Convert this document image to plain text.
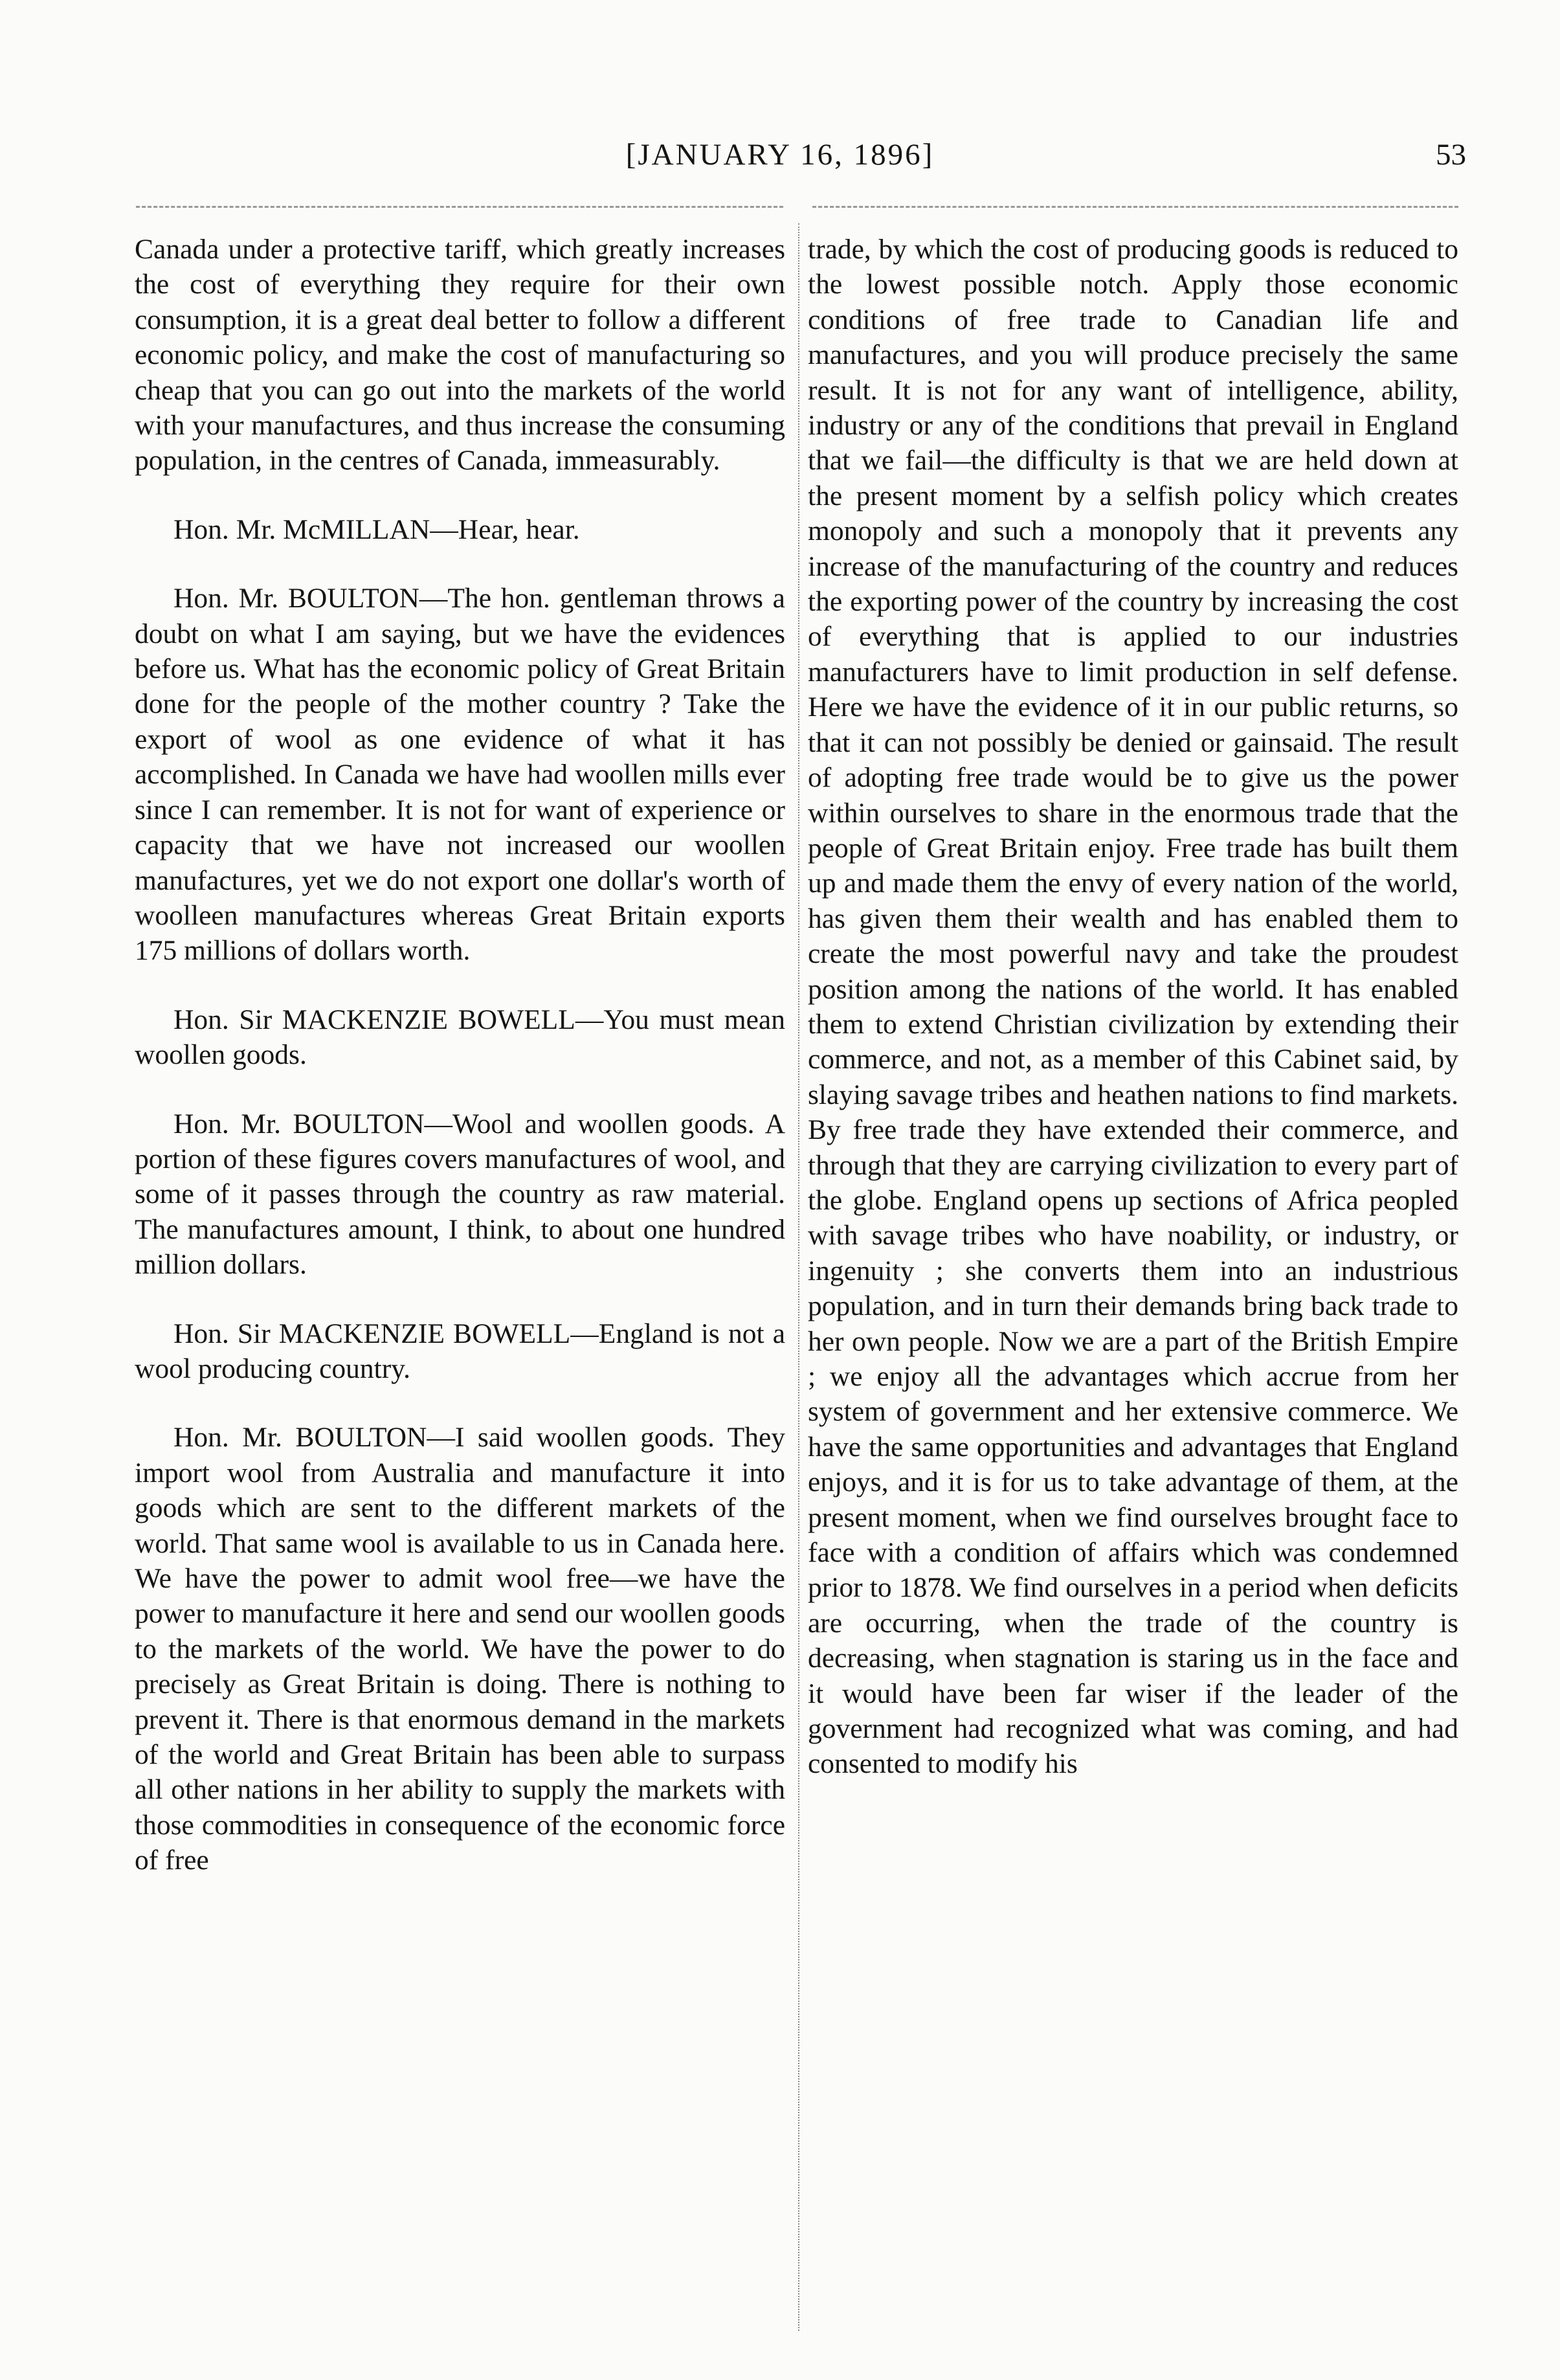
[JANUARY 16, 1896]	53

Canada under a protective tariff, which greatly increases the cost of everything they require for their own consumption, it is a great deal better to follow a different economic policy, and make the cost of manufacturing so cheap that you can go out into the markets of the world with your manufactures, and thus increase the consuming population, in the centres of Canada, immeasurably.

Hon. Mr. McMILLAN—Hear, hear.

Hon. Mr. BOULTON—The hon. gentleman throws a doubt on what I am saying, but we have the evidences before us. What has the economic policy of Great Britain done for the people of the mother country ? Take the export of wool as one evidence of what it has accomplished. In Canada we have had woollen mills ever since I can remember. It is not for want of experience or capacity that we have not increased our woollen manufactures, yet we do not export one dollar's worth of woolleen manufactures whereas Great Britain exports 175 millions of dollars worth.

Hon. Sir MACKENZIE BOWELL—You must mean woollen goods.

Hon. Mr. BOULTON—Wool and woollen goods. A portion of these figures covers manufactures of wool, and some of it passes through the country as raw material. The manufactures amount, I think, to about one hundred million dollars.

Hon. Sir MACKENZIE BOWELL—England is not a wool producing country.

Hon. Mr. BOULTON—I said woollen goods. They import wool from Australia and manufacture it into goods which are sent to the different markets of the world. That same wool is available to us in Canada here. We have the power to admit wool free—we have the power to manufacture it here and send our woollen goods to the markets of the world. We have the power to do precisely as Great Britain is doing. There is nothing to prevent it. There is that enormous demand in the markets of the world and Great Britain has been able to surpass all other nations in her ability to supply the markets with those commodities in consequence of the economic force of free

trade, by which the cost of producing goods is reduced to the lowest possible notch. Apply those economic conditions of free trade to Canadian life and manufactures, and you will produce precisely the same result. It is not for any want of intelligence, ability, industry or any of the conditions that prevail in England that we fail—the difficulty is that we are held down at the present moment by a selfish policy which creates monopoly and such a monopoly that it prevents any increase of the manufacturing of the country and reduces the exporting power of the country by increasing the cost of everything that is applied to our industries manufacturers have to limit production in self defense. Here we have the evidence of it in our public returns, so that it can not possibly be denied or gainsaid. The result of adopting free trade would be to give us the power within ourselves to share in the enormous trade that the people of Great Britain enjoy. Free trade has built them up and made them the envy of every nation of the world, has given them their wealth and has enabled them to create the most powerful navy and take the proudest position among the nations of the world. It has enabled them to extend Christian civilization by extending their commerce, and not, as a member of this Cabinet said, by slaying savage tribes and heathen nations to find markets. By free trade they have extended their commerce, and through that they are carrying civilization to every part of the globe. England opens up sections of Africa peopled with savage tribes who have noability, or industry, or ingenuity ; she converts them into an industrious population, and in turn their demands bring back trade to her own people. Now we are a part of the British Empire ; we enjoy all the advantages which accrue from her system of government and her extensive commerce. We have the same opportunities and advantages that England enjoys, and it is for us to take advantage of them, at the present moment, when we find ourselves brought face to face with a condition of affairs which was condemned prior to 1878. We find ourselves in a period when deficits are occurring, when the trade of the country is decreasing, when stagnation is staring us in the face and it would have been far wiser if the leader of the government had recognized what was coming, and had consented to modify his
